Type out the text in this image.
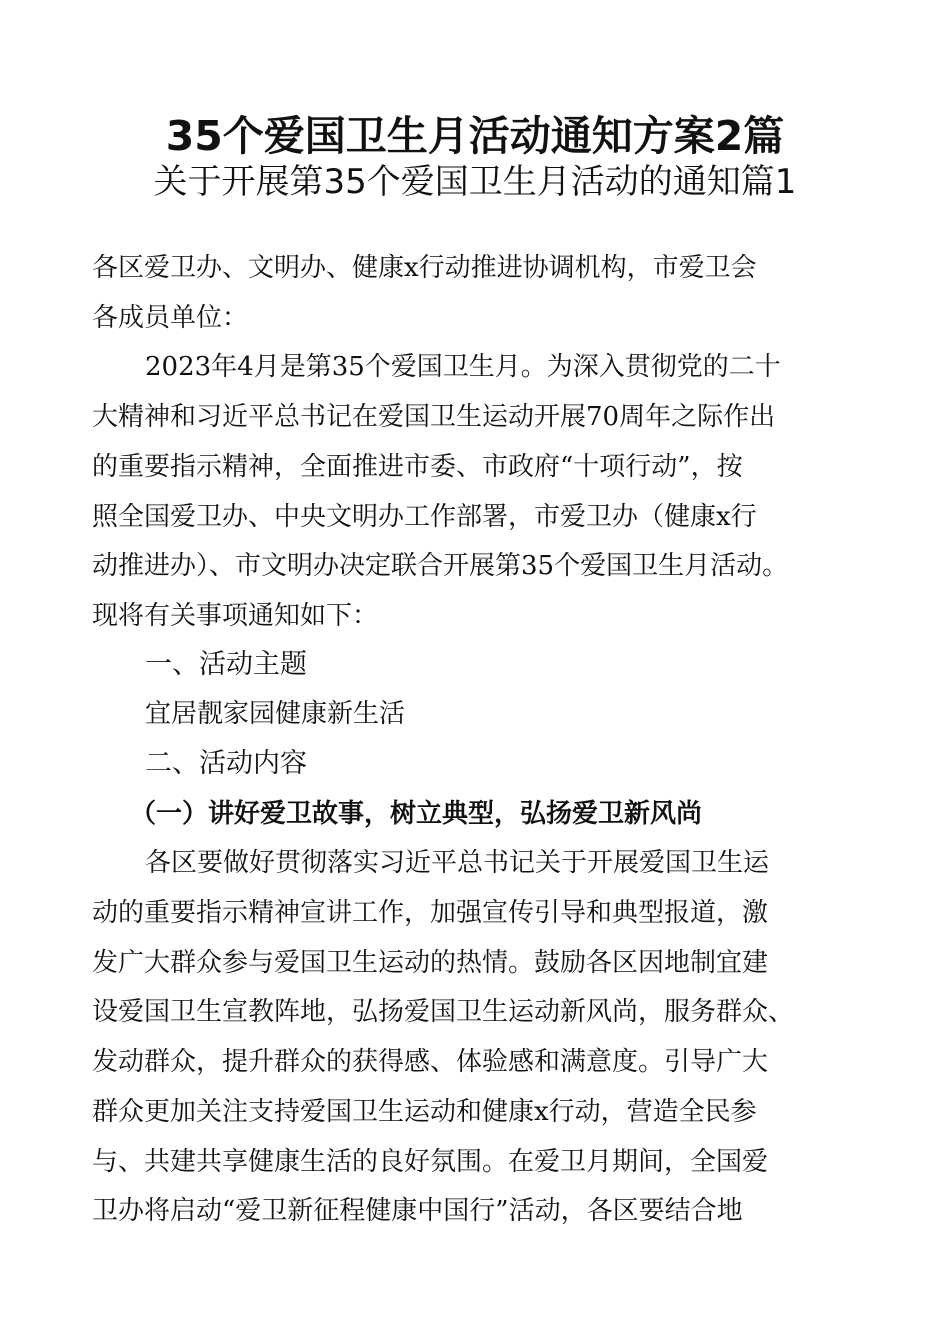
35个爱国卫生月活动通知方案2篇
关于开展第35个爱国卫生月活动的通知篇1
各区爱卫办、文明办、健康x行动推进协调机构，市爱卫会
各成员单位：
2023年4月是第35个爱国卫生月。为深入贯彻党的二十
大精神和习近平总书记在爱国卫生运动开展70周年之际作出
的重要指示精神，全面推进市委、市政府“十项行动”，按
照全国爱卫办、中央文明办工作部署，市爱卫办（健康x行
动推进办）、市文明办决定联合开展第35个爱国卫生月活动。
现将有关事项通知如下：
一、活动主题
宜居靓家园健康新生活
二、活动内容
（一）讲好爱卫故事，树立典型，弘扬爱卫新风尚
各区要做好贯彻落实习近平总书记关于开展爱国卫生运
动的重要指示精神宣讲工作，加强宣传引导和典型报道，激
发广大群众参与爱国卫生运动的热情。鼓励各区因地制宜建
设爱国卫生宣教阵地，弘扬爱国卫生运动新风尚，服务群众、
发动群众，提升群众的获得感、体验感和满意度。引导广大
群众更加关注支持爱国卫生运动和健康x行动，营造全民参
与、共建共享健康生活的良好氛围。在爱卫月期间，全国爱
卫办将启动“爱卫新征程健康中国行”活动，各区要结合地
